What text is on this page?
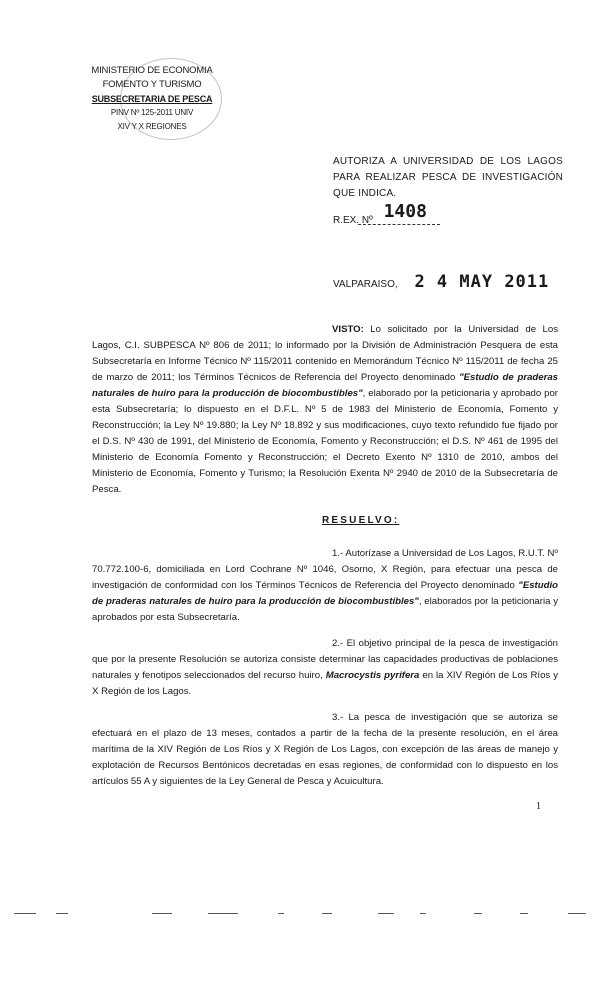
MINISTERIO DE ECONOMIA
FOMENTO Y TURISMO
SUBSECRETARIA DE PESCA
PINV Nº 125-2011 UNIV
XIV Y X REGIONES
AUTORIZA A UNIVERSIDAD DE LOS LAGOS PARA REALIZAR PESCA DE INVESTIGACIÓN QUE INDICA.
R.EX. Nº 1408
VALPARAISO, 2 4 MAY 2011
VISTO: Lo solicitado por la Universidad de Los Lagos, C.I. SUBPESCA Nº 806 de 2011; lo informado por la División de Administración Pesquera de esta Subsecretaría en Informe Técnico Nº 115/2011 contenido en Memorándum Técnico Nº 115/2011 de fecha 25 de marzo de 2011; los Términos Técnicos de Referencia del Proyecto denominado "Estudio de praderas naturales de huiro para la producción de biocombustibles", elaborado por la peticionaria y aprobado por esta Subsecretaría; lo dispuesto en el D.F.L. Nº 5 de 1983 del Ministerio de Economía, Fomento y Reconstrucción; la Ley Nº 19.880; la Ley Nº 18.892 y sus modificaciones, cuyo texto refundido fue fijado por el D.S. Nº 430 de 1991, del Ministerio de Economía, Fomento y Reconstrucción; el D.S. Nº 461 de 1995 del Ministerio de Economía Fomento y Reconstrucción; el Decreto Exento Nº 1310 de 2010, ambos del Ministerio de Economía, Fomento y Turismo; la Resolución Exenta Nº 2940 de 2010 de la Subsecretaría de Pesca.
RESUELVO:
1.- Autorízase a Universidad de Los Lagos, R.U.T. Nº 70.772.100-6, domiciliada en Lord Cochrane Nº 1046, Osorno, X Región, para efectuar una pesca de investigación de conformidad con los Términos Técnicos de Referencia del Proyecto denominado "Estudio de praderas naturales de huiro para la producción de biocombustibles", elaborados por la peticionaria y aprobados por esta Subsecretaría.
2.- El objetivo principal de la pesca de investigación que por la presente Resolución se autoriza consiste determinar las capacidades productivas de poblaciones naturales y fenotipos seleccionados del recurso huiro, Macrocystis pyrifera en la XIV Región de Los Ríos y X Región de los Lagos.
3.- La pesca de investigación que se autoriza se efectuará en el plazo de 13 meses, contados a partir de la fecha de la presente resolución, en el área marítima de la XIV Región de Los Ríos y X Región de Los Lagos, con excepción de las áreas de manejo y explotación de Recursos Bentónicos decretadas en esas regiones, de conformidad con lo dispuesto en los artículos 55 A y siguientes de la Ley General de Pesca y Acuicultura.
1
